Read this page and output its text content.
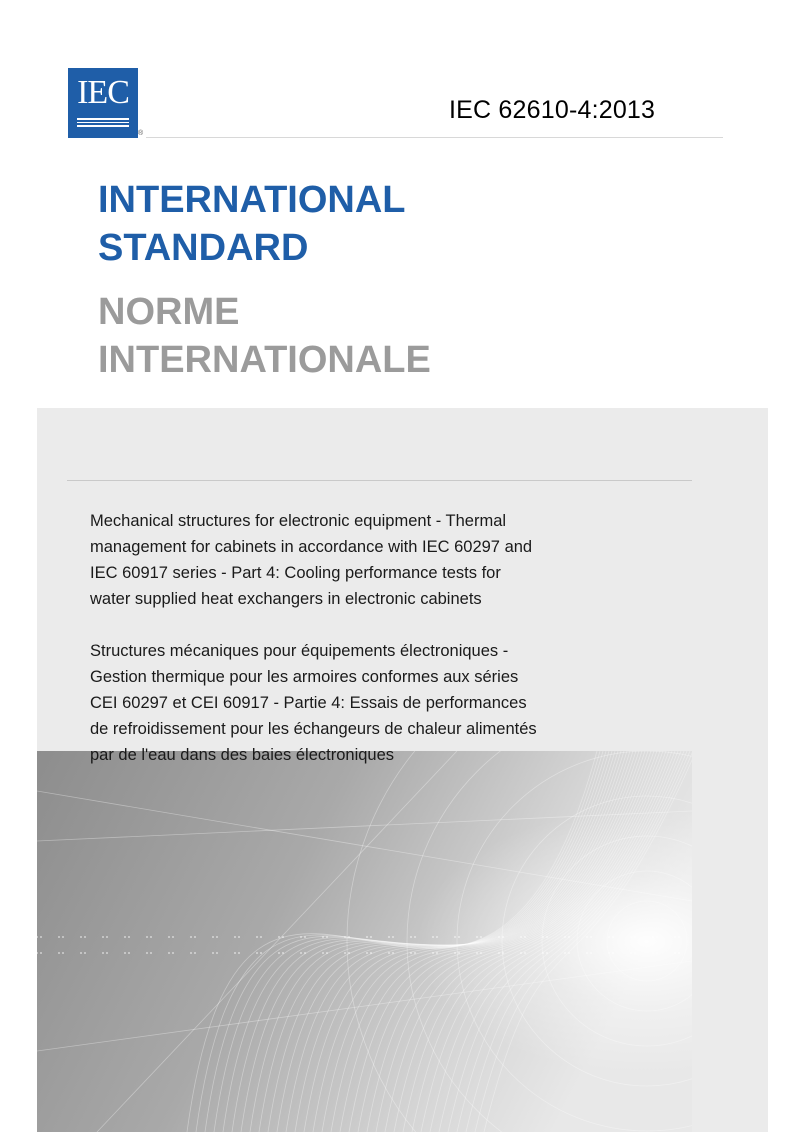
IEC
®
IEC 62610-4:2013
INTERNATIONAL
STANDARD
NORME
INTERNATIONALE

Mechanical structures for electronic equipment - Thermal
management for cabinets in accordance with IEC 60297 and
IEC 60917 series - Part 4: Cooling performance tests for
water supplied heat exchangers in electronic cabinets

Structures mécaniques pour équipements électroniques -
Gestion thermique pour les armoires conformes aux séries
CEI 60297 et CEI 60917 - Partie 4: Essais de performances
de refroidissement pour les échangeurs de chaleur alimentés
par de l'eau dans des baies électroniques
